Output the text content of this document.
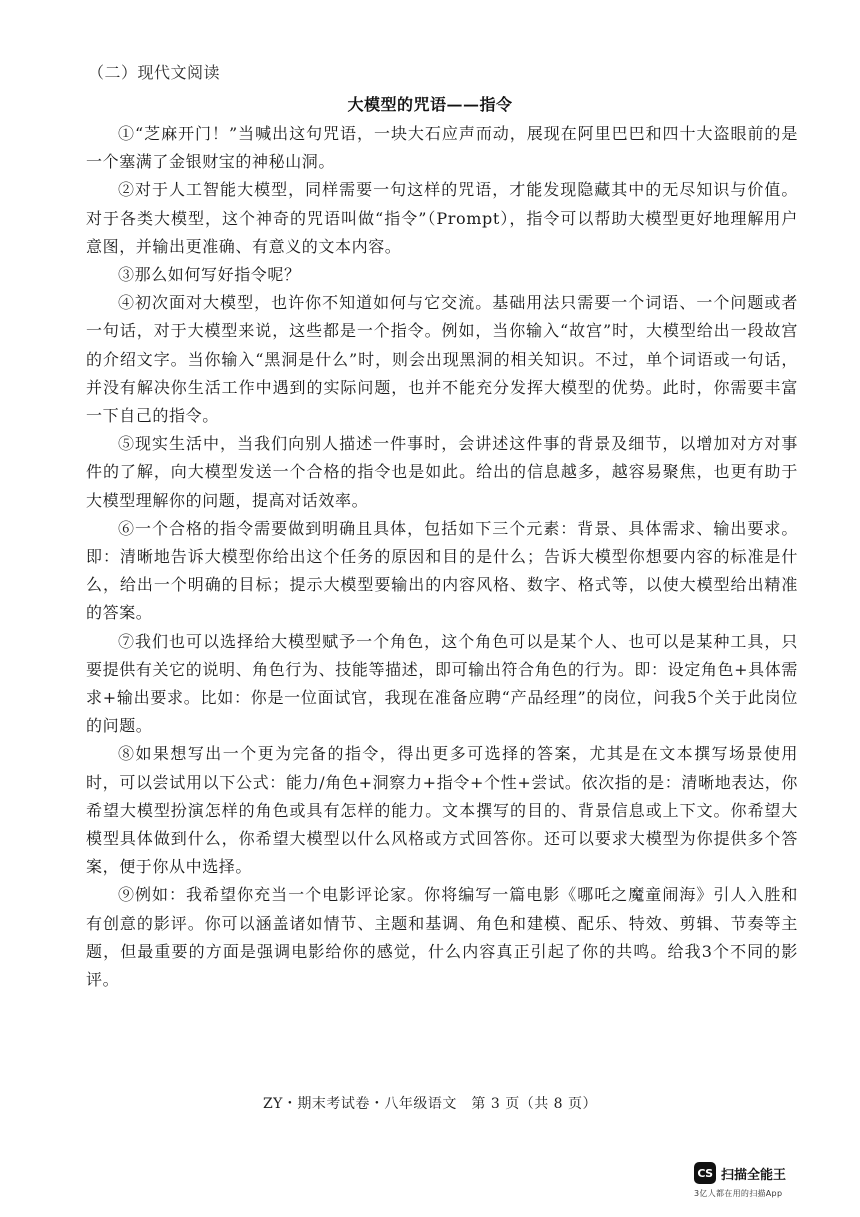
（二）现代文阅读
大模型的咒语——指令

①“芝麻开门！”当喊出这句咒语，一块大石应声而动，展现在阿里巴巴和四十大盗眼前的是一个塞满了金银财宝的神秘山洞。

②对于人工智能大模型，同样需要一句这样的咒语，才能发现隐藏其中的无尽知识与价值。对于各类大模型，这个神奇的咒语叫做“指令”（Prompt），指令可以帮助大模型更好地理解用户意图，并输出更准确、有意义的文本内容。

③那么如何写好指令呢？

④初次面对大模型，也许你不知道如何与它交流。基础用法只需要一个词语、一个问题或者一句话，对于大模型来说，这些都是一个指令。例如，当你输入“故宫”时，大模型给出一段故宫的介绍文字。当你输入“黑洞是什么”时，则会出现黑洞的相关知识。不过，单个词语或一句话，并没有解决你生活工作中遇到的实际问题，也并不能充分发挥大模型的优势。此时，你需要丰富一下自己的指令。

⑤现实生活中，当我们向别人描述一件事时，会讲述这件事的背景及细节，以增加对方对事件的了解，向大模型发送一个合格的指令也是如此。给出的信息越多，越容易聚焦，也更有助于大模型理解你的问题，提高对话效率。

⑥一个合格的指令需要做到明确且具体，包括如下三个元素：背景、具体需求、输出要求。即：清晰地告诉大模型你给出这个任务的原因和目的是什么；告诉大模型你想要内容的标准是什么，给出一个明确的目标；提示大模型要输出的内容风格、数字、格式等，以使大模型给出精准的答案。

⑦我们也可以选择给大模型赋予一个角色，这个角色可以是某个人、也可以是某种工具，只要提供有关它的说明、角色行为、技能等描述，即可输出符合角色的行为。即：设定角色+具体需求+输出要求。比如：你是一位面试官，我现在准备应聘“产品经理”的岗位，问我5个关于此岗位的问题。

⑧如果想写出一个更为完备的指令，得出更多可选择的答案，尤其是在文本撰写场景使用时，可以尝试用以下公式：能力/角色+洞察力+指令+个性+尝试。依次指的是：清晰地表达，你希望大模型扮演怎样的角色或具有怎样的能力。文本撰写的目的、背景信息或上下文。你希望大模型具体做到什么，你希望大模型以什么风格或方式回答你。还可以要求大模型为你提供多个答案，便于你从中选择。

⑨例如：我希望你充当一个电影评论家。你将编写一篇电影《哪吒之魔童闹海》引人入胜和有创意的影评。你可以涵盖诸如情节、主题和基调、角色和建模、配乐、特效、剪辑、节奏等主题，但最重要的方面是强调电影给你的感觉，什么内容真正引起了你的共鸣。给我3个不同的影评。

ZY・期末考试卷・八年级语文　第 3 页（共 8 页）
CS 扫描全能王
3亿人都在用的扫描App
